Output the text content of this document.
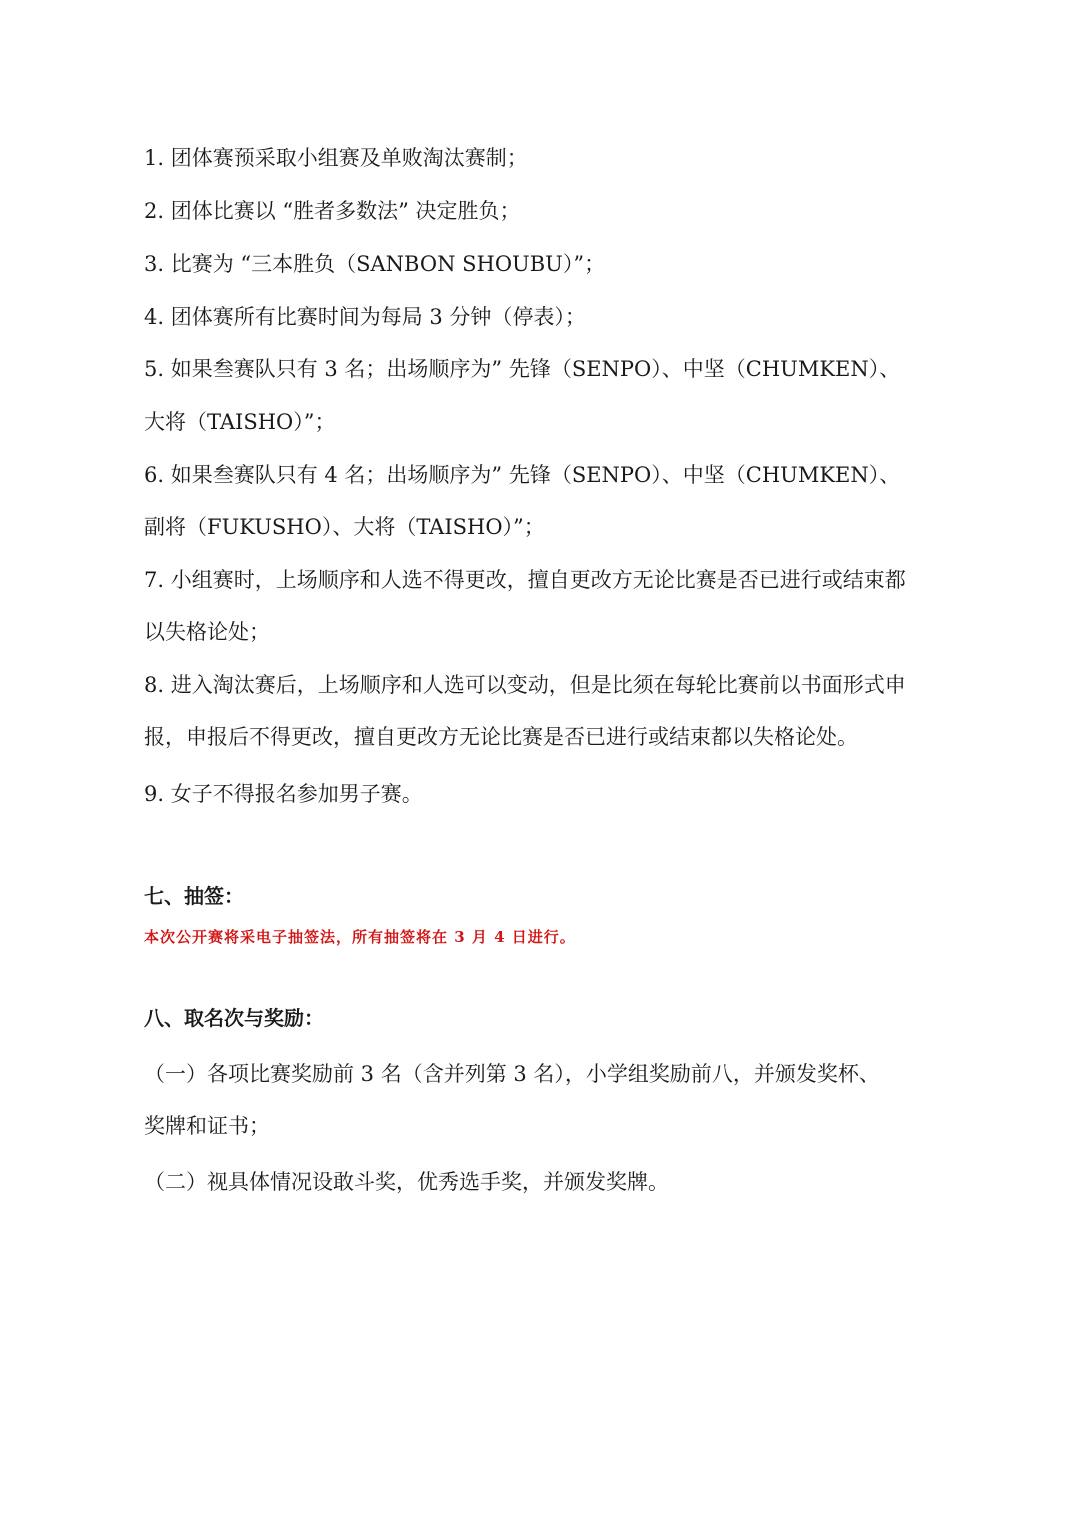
1. 团体赛预采取小组赛及单败淘汰赛制；
2. 团体比赛以 “胜者多数法” 决定胜负；
3. 比赛为 “三本胜负（SANBON SHOUBU）”；
4. 团体赛所有比赛时间为每局 3 分钟（停表）；
5. 如果叁赛队只有 3 名；出场顺序为” 先锋（SENPO）、中坚（CHUMKEN）、
大将（TAISHO）”；
6. 如果叁赛队只有 4 名；出场顺序为” 先锋（SENPO）、中坚（CHUMKEN）、
副将（FUKUSHO）、大将（TAISHO）”；
7. 小组赛时，上场顺序和人选不得更改，擅自更改方无论比赛是否已进行或结束都
以失格论处；
8. 进入淘汰赛后，上场顺序和人选可以变动，但是比须在每轮比赛前以书面形式申
报，申报后不得更改，擅自更改方无论比赛是否已进行或结束都以失格论处。
9. 女子不得报名参加男子赛。
七、抽签：
本次公开赛将采电子抽签法，所有抽签将在 3 月 4 日进行。
八、取名次与奖励：
（一）各项比赛奖励前 3 名（含并列第 3 名），小学组奖励前八，并颁发奖杯、
奖牌和证书；
（二）视具体情况设敢斗奖，优秀选手奖，并颁发奖牌。
